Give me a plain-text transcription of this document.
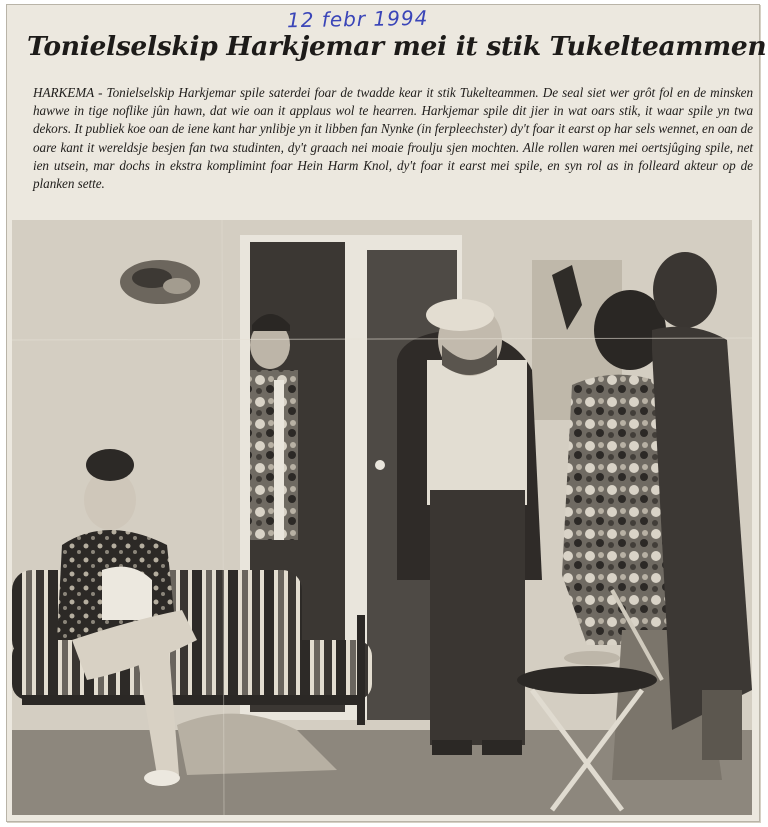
12 febr 1994
Tonielselskip Harkjemar mei it stik Tukelteammen
HARKEMA - Tonielselskip Harkjemar spile saterdei foar de twadde kear it stik Tukelteammen. De seal siet wer grôt fol en de minsken hawwe in tige noflike jûn hawn, dat wie oan it applaus wol te hearren. Harkjemar spile dit jier in wat oars stik, it waar spile yn twa dekors. It publiek koe oan de iene kant har ynlibje yn it libben fan Nynke (in ferpleechster) dy't foar it earst op har sels wennet, en oan de oare kant it wereldsje besjen fan twa studinten, dy't graach nei moaie froulju sjen mochten. Alle rollen waren mei oertsjûging spile, net ien utsein, mar dochs in ekstra komplimint foar Hein Harm Knol, dy't foar it earst mei spile, en syn rol as in folleard akteur op de planken sette.
